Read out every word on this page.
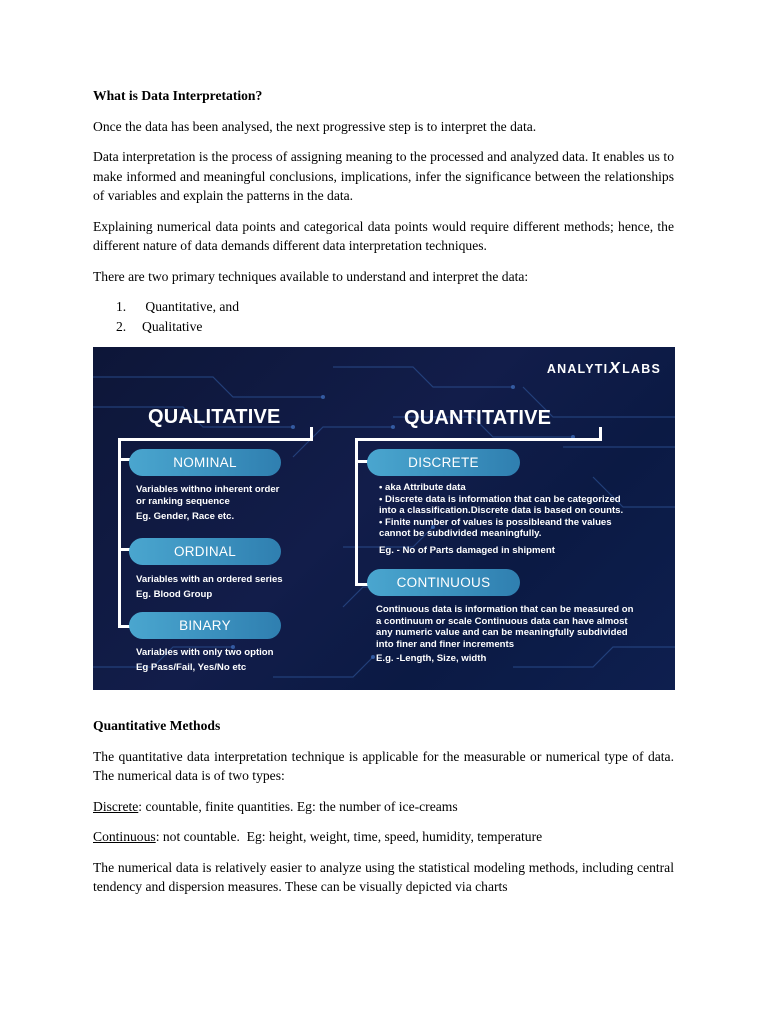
What is Data Interpretation?

Once the data has been analysed, the next progressive step is to interpret the data.

Data interpretation is the process of assigning meaning to the processed and analyzed data. It enables us to make informed and meaningful conclusions, implications, infer the significance between the relationships of variables and explain the patterns in the data.

Explaining numerical data points and categorical data points would require different methods; hence, the different nature of data demands different data interpretation techniques.

There are two primary techniques available to understand and interpret the data:

1.	Quantitative, and
2.	Qualitative
ANALYTIXLABS
QUALITATIVE
NOMINAL
Variables withno inherent order
or ranking sequence
Eg. Gender, Race etc.
ORDINAL
Variables with an ordered series
Eg. Blood Group
BINARY
Variables with only two option
Eg Pass/Fail, Yes/No etc
QUANTITATIVE
DISCRETE
• aka Attribute data
• Discrete data is information that can be categorized
into a classification.Discrete data is based on counts.
• Finite number of values is possibleand the values
cannot be subdivided meaningfully.
Eg. - No of Parts damaged in shipment
CONTINUOUS
Continuous data is information that can be measured on
a continuum or scale Continuous data can have almost
any numeric value and can be meaningfully subdivided
into finer and finer increments
E.g. -Length, Size, width
Quantitative Methods

The quantitative data interpretation technique is applicable for the measurable or numerical type of data. The numerical data is of two types:

Discrete: countable, finite quantities. Eg: the number of ice-creams

Continuous: not countable.  Eg: height, weight, time, speed, humidity, temperature

The numerical data is relatively easier to analyze using the statistical modeling methods, including central tendency and dispersion measures. These can be visually depicted via charts
